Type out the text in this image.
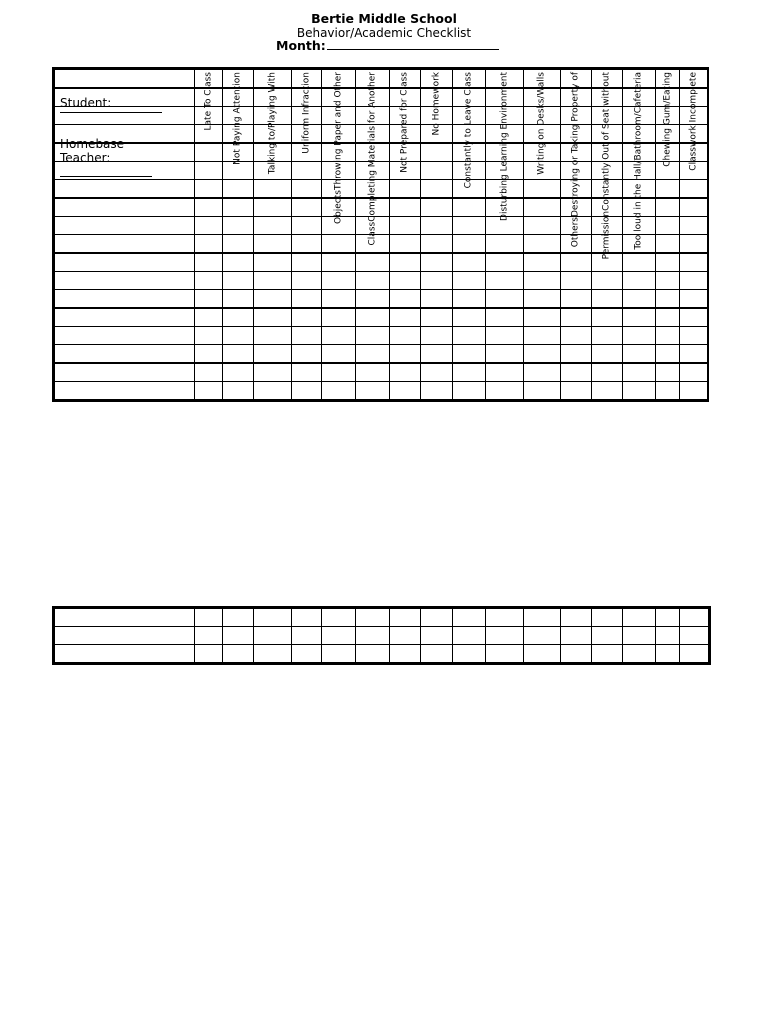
Bertie Middle School
Behavior/Academic Checklist
Month:
Student:
Homebase Teacher:	Late To Class	Not Paying Attention	Talking to/Playing With	Uniform Infraction	ObjectsThrowing Paper and Other	ClassCompleting Materials for Another	Not Prepared for Class	No Homework	Constantly to Leave Class	Disturbing Learning Environment	Writing on Desks/Walls	OthersDestroying or Taking Property of	PermissionConstantly Out of Seat without	Too loud in the Hall/Bathroom/Cafeteria	Chewing Gum/Eating	Classwork Incomplete
